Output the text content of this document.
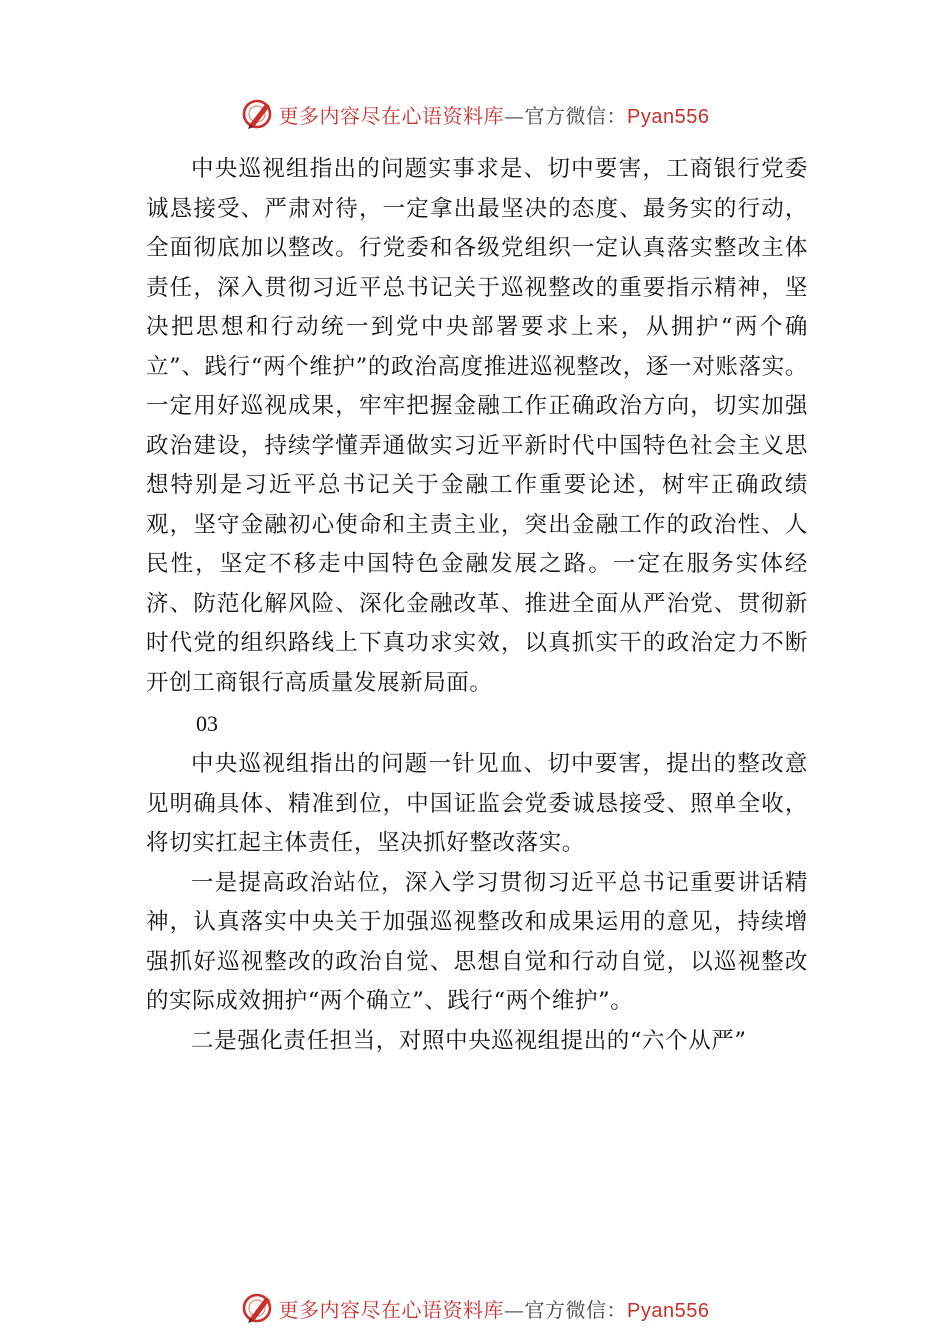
更多内容尽在心语资料库—官方微信：Pyan556

中央巡视组指出的问题实事求是、切中要害，工商银行党委诚恳接受、严肃对待，一定拿出最坚决的态度、最务实的行动，全面彻底加以整改。行党委和各级党组织一定认真落实整改主体责任，深入贯彻习近平总书记关于巡视整改的重要指示精神，坚决把思想和行动统一到党中央部署要求上来，从拥护“两个确立”、践行“两个维护”的政治高度推进巡视整改，逐一对账落实。一定用好巡视成果，牢牢把握金融工作正确政治方向，切实加强政治建设，持续学懂弄通做实习近平新时代中国特色社会主义思想特别是习近平总书记关于金融工作重要论述，树牢正确政绩观，坚守金融初心使命和主责主业，突出金融工作的政治性、人民性，坚定不移走中国特色金融发展之路。一定在服务实体经济、防范化解风险、深化金融改革、推进全面从严治党、贯彻新时代党的组织路线上下真功求实效，以真抓实干的政治定力不断开创工商银行高质量发展新局面。

03

中央巡视组指出的问题一针见血、切中要害，提出的整改意见明确具体、精准到位，中国证监会党委诚恳接受、照单全收，将切实扛起主体责任，坚决抓好整改落实。

一是提高政治站位，深入学习贯彻习近平总书记重要讲话精神，认真落实中央关于加强巡视整改和成果运用的意见，持续增强抓好巡视整改的政治自觉、思想自觉和行动自觉，以巡视整改的实际成效拥护“两个确立”、践行“两个维护”。

二是强化责任担当，对照中央巡视组提出的“六个从严”

更多内容尽在心语资料库—官方微信：Pyan556
